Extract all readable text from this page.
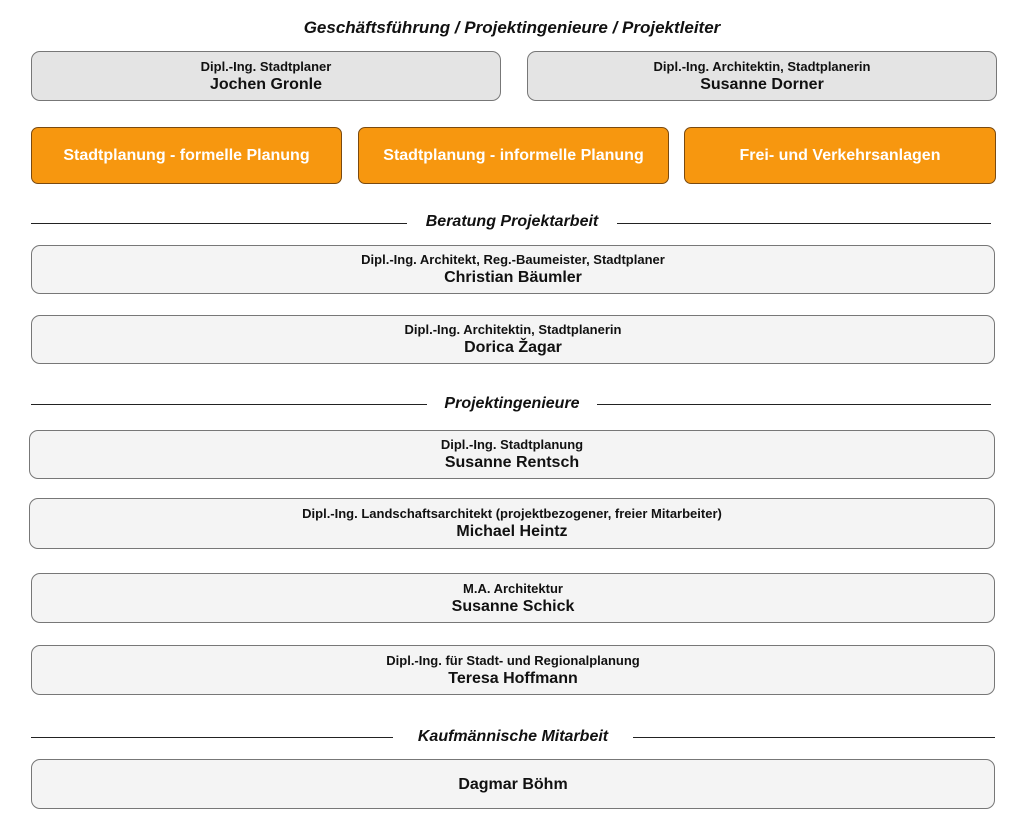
Geschäftsführung / Projektingenieure / Projektleiter
Dipl.-Ing. Stadtplaner
Jochen Gronle
Dipl.-Ing. Architektin, Stadtplanerin
Susanne Dorner
Stadtplanung - formelle Planung	Stadtplanung - informelle Planung	Frei- und Verkehrsanlagen
Beratung Projektarbeit
Dipl.-Ing. Architekt, Reg.-Baumeister, Stadtplaner
Christian Bäumler
Dipl.-Ing. Architektin, Stadtplanerin
Dorica Žagar
Projektingenieure
Dipl.-Ing. Stadtplanung
Susanne Rentsch
Dipl.-Ing. Landschaftsarchitekt (projektbezogener, freier Mitarbeiter)
Michael Heintz
M.A. Architektur
Susanne Schick
Dipl.-Ing. für Stadt- und Regionalplanung
Teresa Hoffmann
Kaufmännische Mitarbeit
Dagmar Böhm
